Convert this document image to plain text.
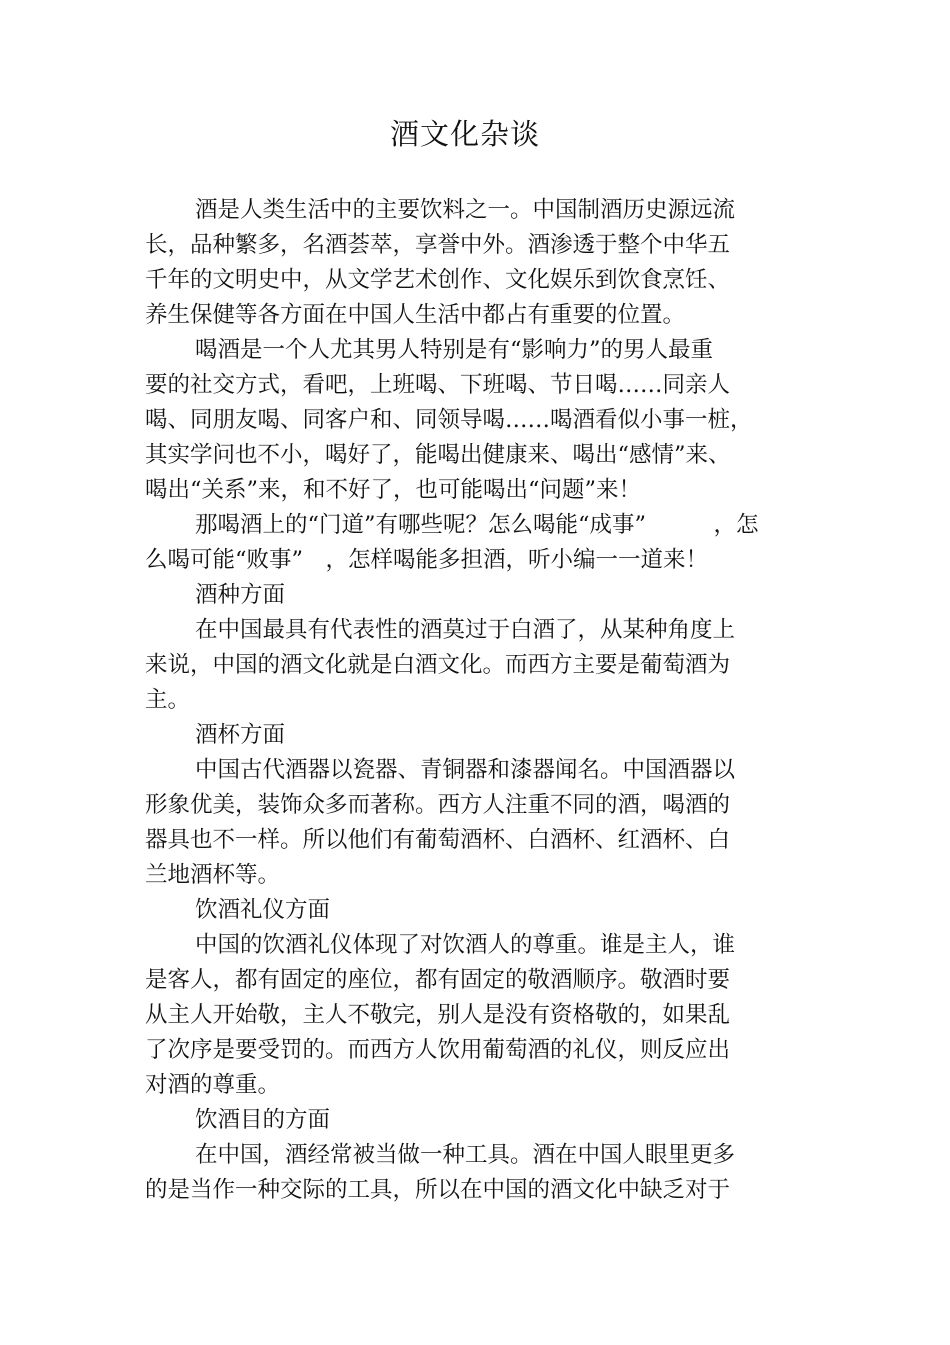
酒文化杂谈
酒是人类生活中的主要饮料之一。中国制酒历史源远流
长，品种繁多，名酒荟萃，享誉中外。酒渗透于整个中华五
千年的文明史中，从文学艺术创作、文化娱乐到饮食烹饪、
养生保健等各方面在中国人生活中都占有重要的位置。
喝酒是一个人尤其男人特别是有“影响力”的男人最重
要的社交方式，看吧，上班喝、下班喝、节日喝……同亲人
喝、同朋友喝、同客户和、同领导喝……喝酒看似小事一桩，
其实学问也不小，喝好了，能喝出健康来、喝出“感情”来、
喝出“关系”来，和不好了，也可能喝出“问题”来！
那喝酒上的“门道”有哪些呢？怎么喝能“成事”　　　，怎
么喝可能“败事”　，怎样喝能多担酒，听小编一一道来！
酒种方面
在中国最具有代表性的酒莫过于白酒了，从某种角度上
来说，中国的酒文化就是白酒文化。而西方主要是葡萄酒为
主。
酒杯方面
中国古代酒器以瓷器、青铜器和漆器闻名。中国酒器以
形象优美，装饰众多而著称。西方人注重不同的酒，喝酒的
器具也不一样。所以他们有葡萄酒杯、白酒杯、红酒杯、白
兰地酒杯等。
饮酒礼仪方面
中国的饮酒礼仪体现了对饮酒人的尊重。谁是主人，谁
是客人，都有固定的座位，都有固定的敬酒顺序。敬酒时要
从主人开始敬，主人不敬完，别人是没有资格敬的，如果乱
了次序是要受罚的。而西方人饮用葡萄酒的礼仪，则反应出
对酒的尊重。
饮酒目的方面
在中国，酒经常被当做一种工具。酒在中国人眼里更多
的是当作一种交际的工具，所以在中国的酒文化中缺乏对于
